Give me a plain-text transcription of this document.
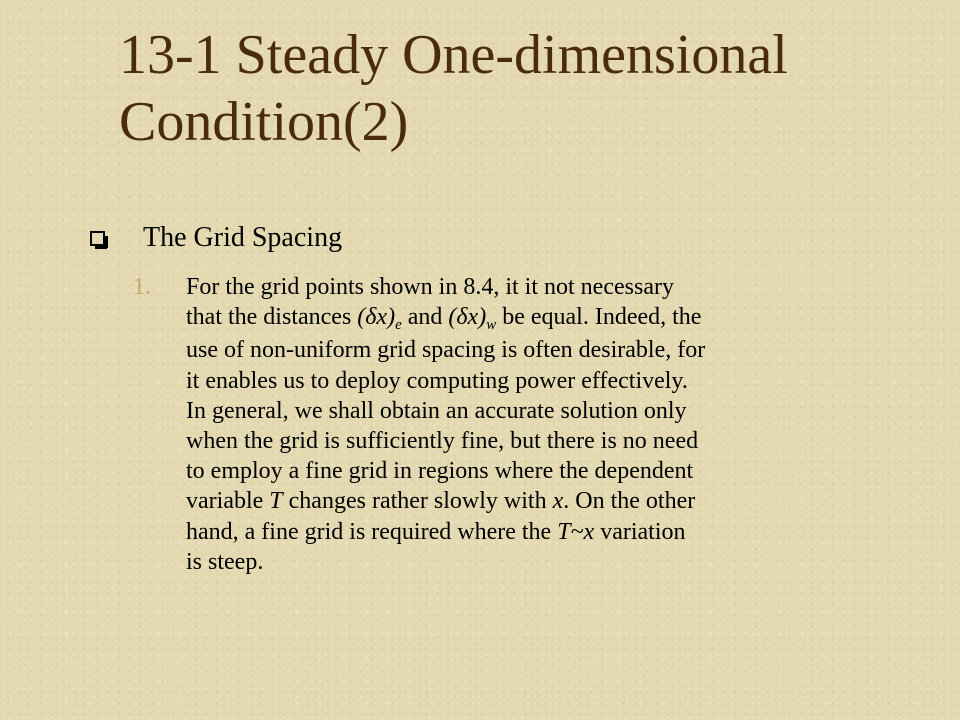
13-1 Steady One-dimensional
Condition(2)
The Grid Spacing
1. For the grid points shown in 8.4, it it not necessary
that the distances $(\delta x)_e$ and $(\delta x)_w$ be equal. Indeed, the
use of non-uniform grid spacing is often desirable, for
it enables us to deploy computing power effectively.
In general, we shall obtain an accurate solution only
when the grid is sufficiently fine, but there is no need
to employ a fine grid in regions where the dependent
variable T changes rather slowly with x. On the other
hand, a fine grid is required where the T~x variation
is steep.
